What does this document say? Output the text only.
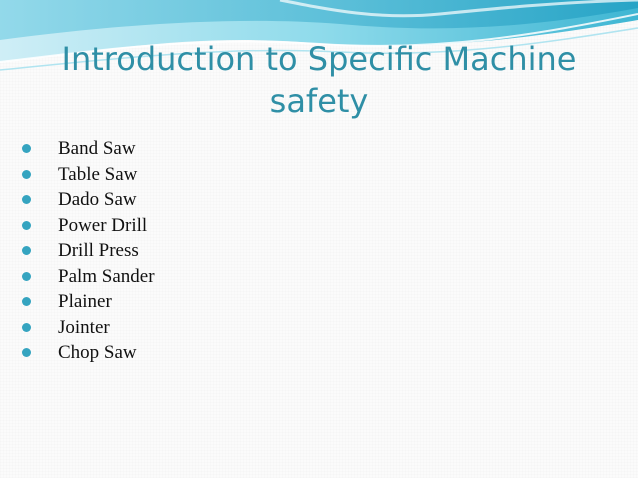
Introduction to Specific Machine safety
Band Saw
Table Saw
Dado Saw
Power Drill
Drill Press
Palm Sander
Plainer
Jointer
Chop Saw
